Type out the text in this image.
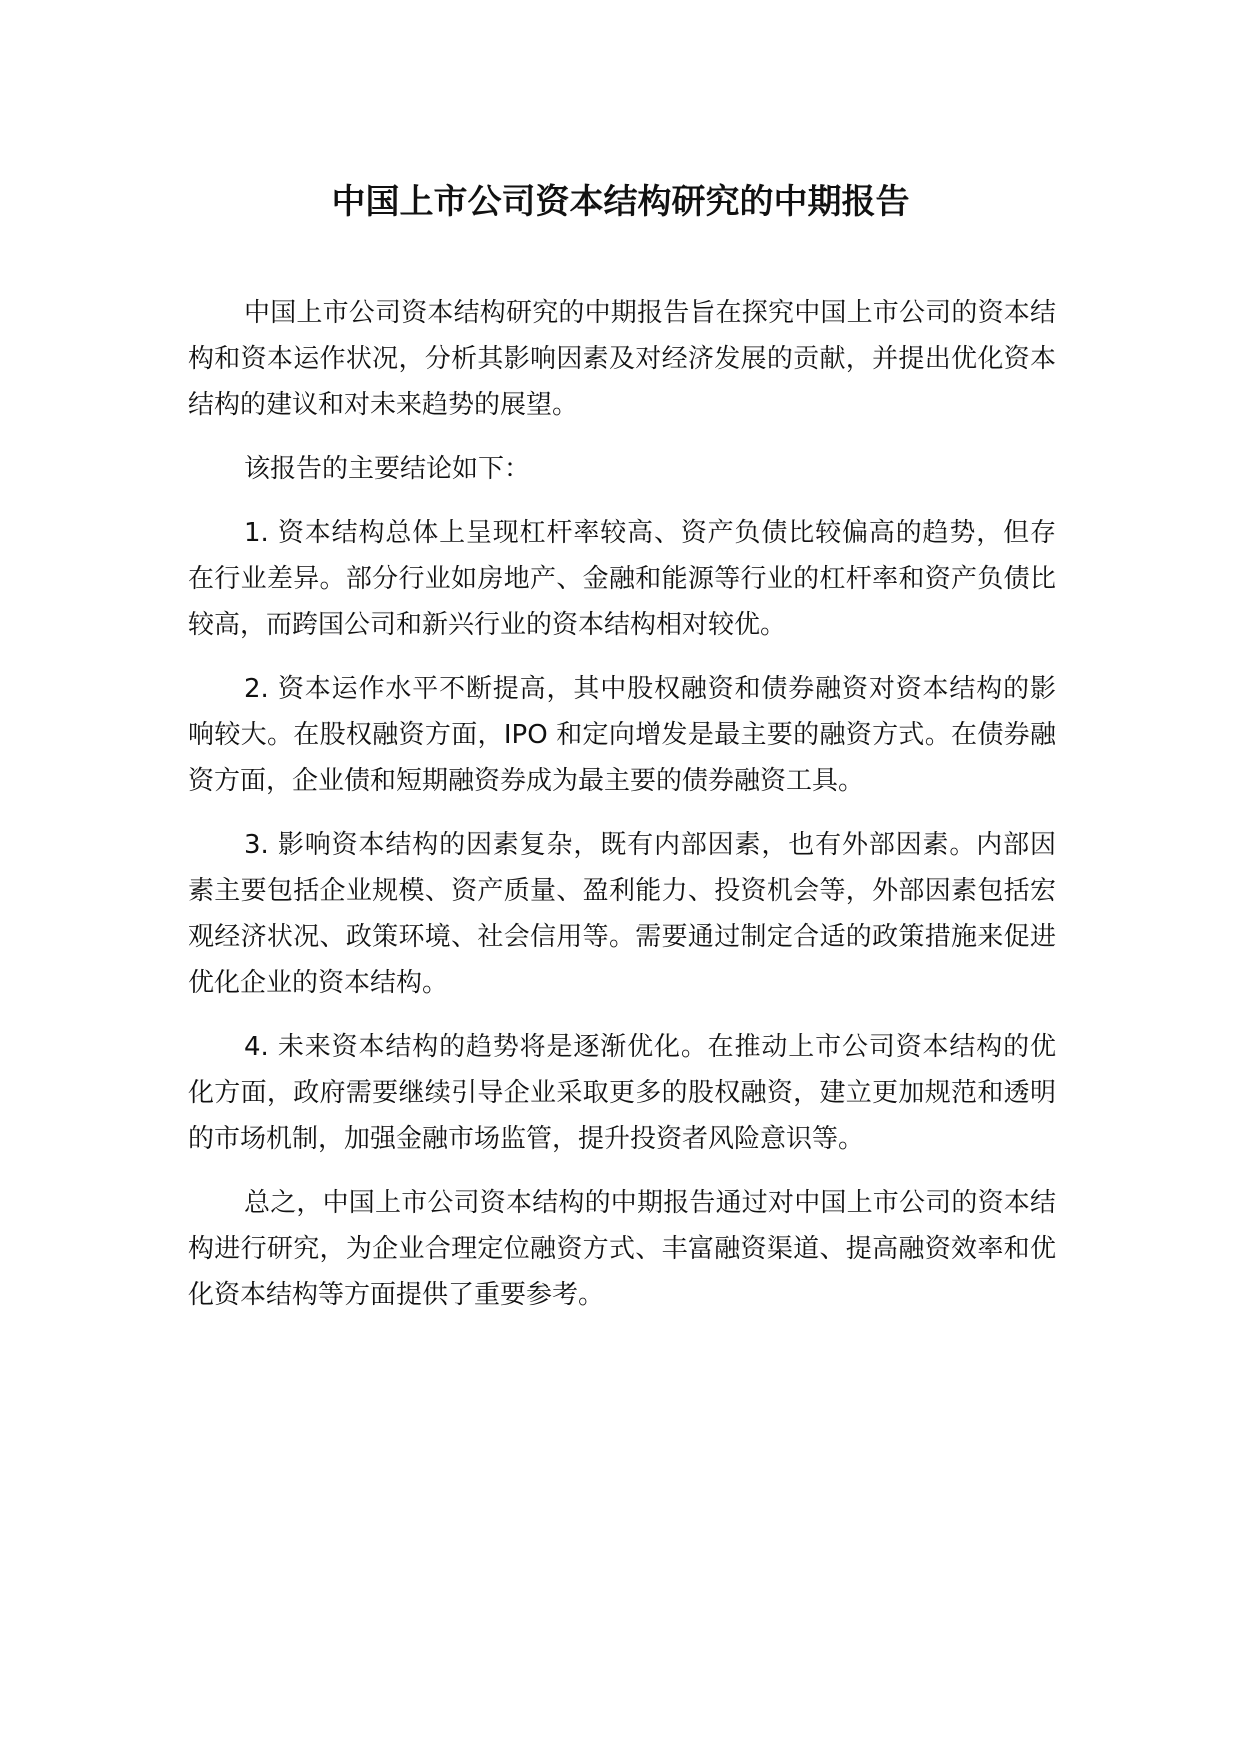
中国上市公司资本结构研究的中期报告

中国上市公司资本结构研究的中期报告旨在探究中国上市公司的资本结构和资本运作状况，分析其影响因素及对经济发展的贡献，并提出优化资本结构的建议和对未来趋势的展望。

该报告的主要结论如下：

1. 资本结构总体上呈现杠杆率较高、资产负债比较偏高的趋势，但存在行业差异。部分行业如房地产、金融和能源等行业的杠杆率和资产负债比较高，而跨国公司和新兴行业的资本结构相对较优。

2. 资本运作水平不断提高，其中股权融资和债券融资对资本结构的影响较大。在股权融资方面，IPO 和定向增发是最主要的融资方式。在债券融资方面，企业债和短期融资券成为最主要的债券融资工具。

3. 影响资本结构的因素复杂，既有内部因素，也有外部因素。内部因素主要包括企业规模、资产质量、盈利能力、投资机会等，外部因素包括宏观经济状况、政策环境、社会信用等。需要通过制定合适的政策措施来促进优化企业的资本结构。

4. 未来资本结构的趋势将是逐渐优化。在推动上市公司资本结构的优化方面，政府需要继续引导企业采取更多的股权融资，建立更加规范和透明的市场机制，加强金融市场监管，提升投资者风险意识等。

总之，中国上市公司资本结构的中期报告通过对中国上市公司的资本结构进行研究，为企业合理定位融资方式、丰富融资渠道、提高融资效率和优化资本结构等方面提供了重要参考。
